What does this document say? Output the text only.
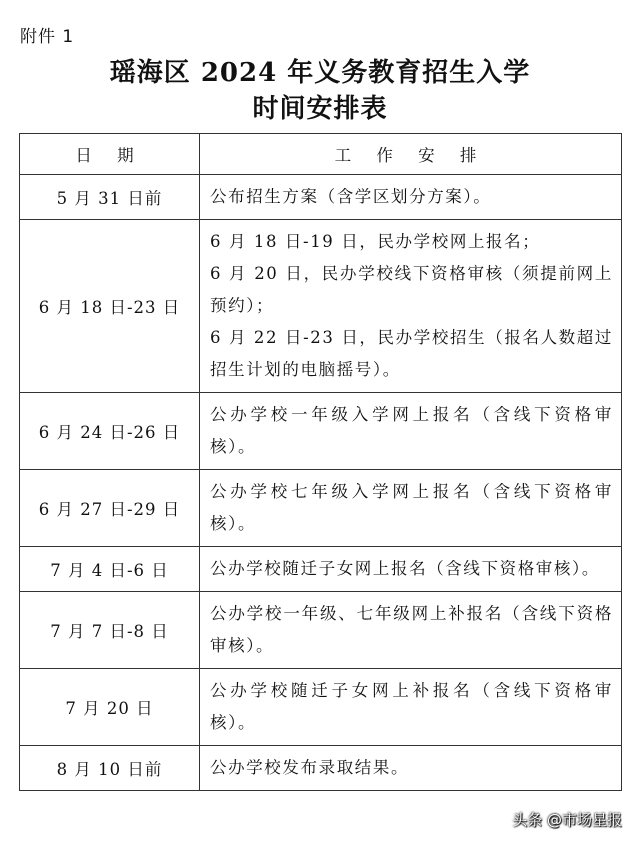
附件 1
瑶海区 2024 年义务教育招生入学
时间安排表
日 期	工 作 安 排
5 月 31 日前	公布招生方案（含学区划分方案）。

6 月 18 日-23 日	6 月 18 日-19 日，民办学校网上报名；
6 月 20 日，民办学校线下资格审核（须提前网上预约）；
6 月 22 日-23 日，民办学校招生（报名人数超过招生计划的电脑摇号）。

6 月 24 日-26 日	公办学校一年级入学网上报名（含线下资格审核）。

6 月 27 日-29 日	公办学校七年级入学网上报名（含线下资格审核）。

7 月 4 日-6 日	公办学校随迁子女网上报名（含线下资格审核）。

7 月 7 日-8 日	公办学校一年级、七年级网上补报名（含线下资格审核）。

7 月 20 日	公办学校随迁子女网上补报名（含线下资格审核）。

8 月 10 日前	公办学校发布录取结果。
头条 @市场星报
